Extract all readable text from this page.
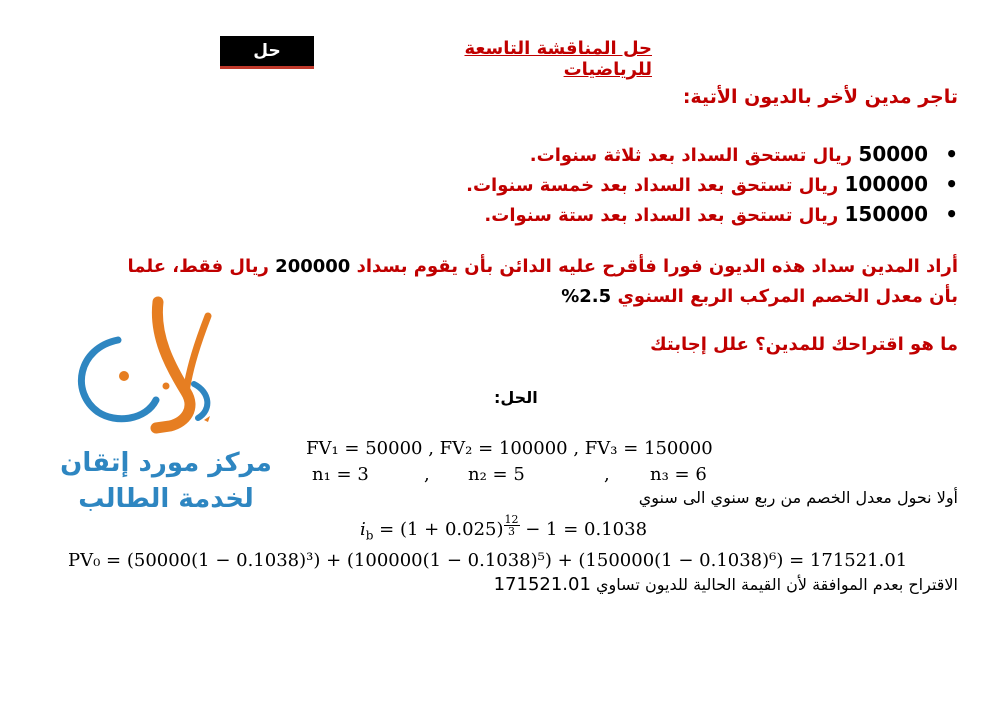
حل ابوطلال
حل المناقشة التاسعة للرياضيات
تاجر مدين لأخر بالديون الأتية:
•
50000 ريال تستحق السداد بعد ثلاثة سنوات.
•
100000 ريال تستحق بعد السداد بعد خمسة سنوات.
•
150000 ريال تستحق بعد السداد بعد ستة سنوات.
أراد المدين سداد هذه الديون فورا فأقرح عليه الدائن بأن يقوم بسداد 200000 ريال فقط، علما بأن معدل الخصم المركب الربع السنوي 2.5%
ما هو اقتراحك للمدين؟ علل إجابتك
مركز مورد إتقان
لخدمة الطالب
الحل:
FV₁ = 50000 , FV₂ = 100000 , FV₃ = 150000
n₁ = 3	, n₂ = 5	, n₃ = 6
أولا نحول معدل الخصم من ربع سنوي الى سنوي
$i_b = (1 + 0.025) \frac{12}{3} - 1 = 0.1038$
PV₀ = (50000(1 − 0.1038)³) + (100000(1 − 0.1038)⁵) + (150000(1 − 0.1038)⁶) = 171521.01
الاقتراح بعدم الموافقة لأن القيمة الحالية للديون تساوي 171521.01
